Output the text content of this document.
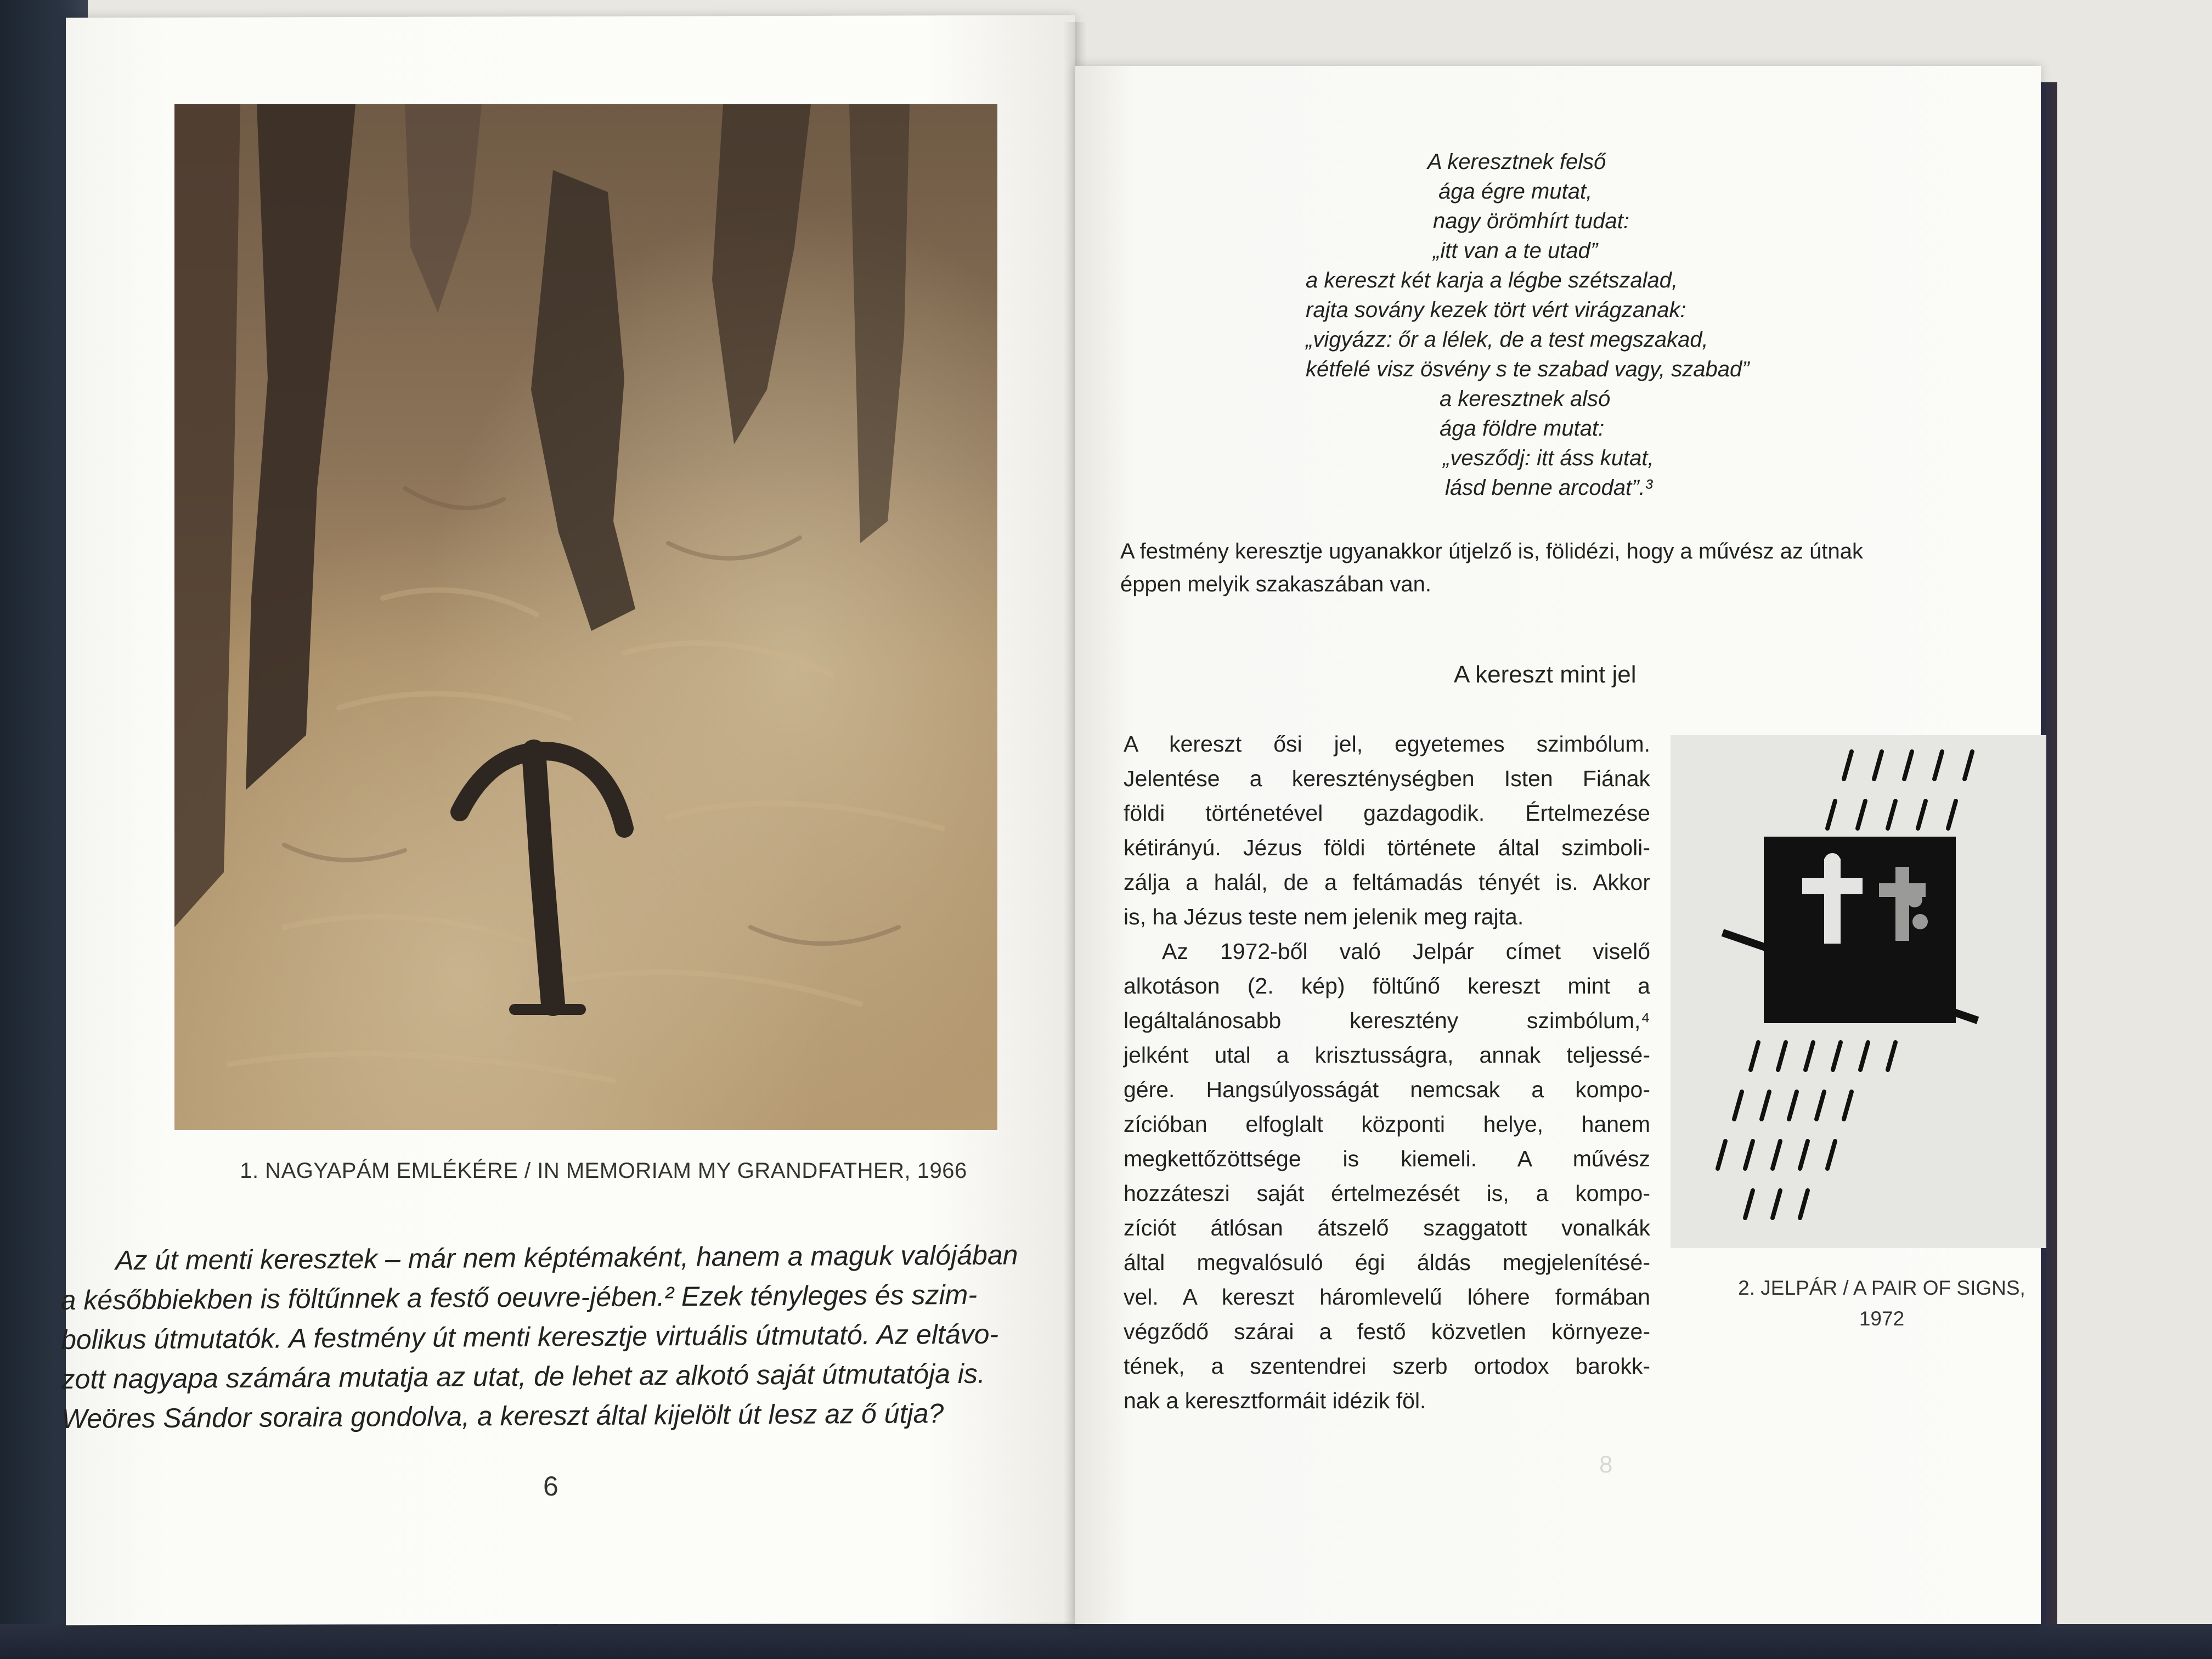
1. NAGYAPÁM EMLÉKÉRE / IN MEMORIAM MY GRANDFATHER, 1966
Az út menti keresztek – már nem képtémaként, hanem a maguk valójában
a későbbiekben is föltűnnek a festő oeuvre-jében.² Ezek tényleges és szim-
bolikus útmutatók. A festmény út menti keresztje virtuális útmutató. Az eltávo-
zott nagyapa számára mutatja az utat, de lehet az alkotó saját útmutatója is.
Weöres Sándor soraira gondolva, a kereszt által kijelölt út lesz az ő útja?
6
A keresztnek felső
ága égre mutat,
nagy örömhírt tudat:
„itt van a te utad”
a kereszt két karja a légbe szétszalad,
rajta sovány kezek tört vért virágzanak:
„vigyázz: őr a lélek, de a test megszakad,
kétfelé visz ösvény s te szabad vagy, szabad”
a keresztnek alsó
ága földre mutat:
„vesződj: itt áss kutat,
lásd benne arcodat”.³
A festmény keresztje ugyanakkor útjelző is, fölidézi, hogy a művész az útnak
éppen melyik szakaszában van.
A kereszt mint jel
A kereszt ősi jel, egyetemes szimbólum.
Jelentése a kereszténységben Isten Fiának
földi történetével gazdagodik. Értelmezése
kétirányú. Jézus földi története által szimboli-
zálja a halál, de a feltámadás tényét is. Akkor
is, ha Jézus teste nem jelenik meg rajta.
Az 1972-ből való Jelpár címet viselő
alkotáson (2. kép) föltűnő kereszt mint a
legáltalánosabb keresztény szimbólum,⁴
jelként utal a krisztusságra, annak teljessé-
gére. Hangsúlyosságát nemcsak a kompo-
zícióban elfoglalt központi helye, hanem
megkettőzöttsége is kiemeli. A művész
hozzáteszi saját értelmezését is, a kompo-
zíciót átlósan átszelő szaggatott vonalkák
által megvalósuló égi áldás megjelenítésé-
vel. A kereszt háromlevelű lóhere formában
végződő szárai a festő közvetlen környeze-
tének, a szentendrei szerb ortodox barokk-
nak a keresztformáit idézik föl.
2. JELPÁR / A PAIR OF SIGNS,
1972
8
